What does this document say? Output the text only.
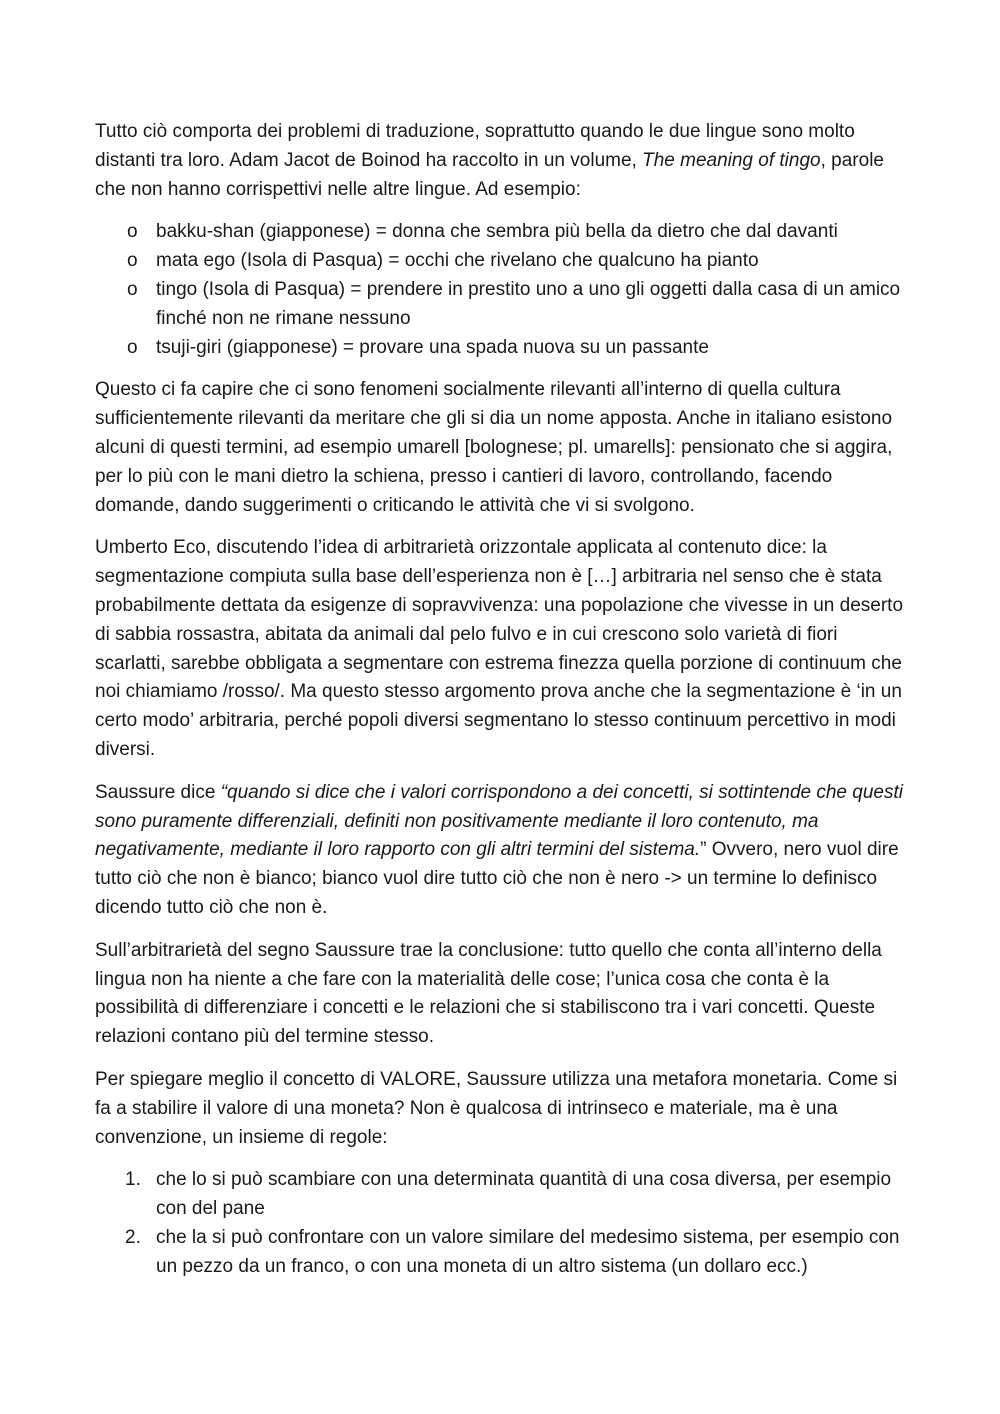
Tutto ciò comporta dei problemi di traduzione, soprattutto quando le due lingue sono molto distanti tra loro. Adam Jacot de Boinod ha raccolto in un volume, The meaning of tingo, parole che non hanno corrispettivi nelle altre lingue. Ad esempio:

o bakku-shan (giapponese) = donna che sembra più bella da dietro che dal davanti
o mata ego (Isola di Pasqua) = occhi che rivelano che qualcuno ha pianto
o tingo (Isola di Pasqua) = prendere in prestito uno a uno gli oggetti dalla casa di un amico finché non ne rimane nessuno
o tsuji-giri (giapponese) = provare una spada nuova su un passante

Questo ci fa capire che ci sono fenomeni socialmente rilevanti all’interno di quella cultura sufficientemente rilevanti da meritare che gli si dia un nome apposta. Anche in italiano esistono alcuni di questi termini, ad esempio umarell [bolognese; pl. umarells]: pensionato che si aggira, per lo più con le mani dietro la schiena, presso i cantieri di lavoro, controllando, facendo domande, dando suggerimenti o criticando le attività che vi si svolgono.

Umberto Eco, discutendo l’idea di arbitrarietà orizzontale applicata al contenuto dice: la segmentazione compiuta sulla base dell’esperienza non è […] arbitraria nel senso che è stata probabilmente dettata da esigenze di sopravvivenza: una popolazione che vivesse in un deserto di sabbia rossastra, abitata da animali dal pelo fulvo e in cui crescono solo varietà di fiori scarlatti, sarebbe obbligata a segmentare con estrema finezza quella porzione di continuum che noi chiamiamo /rosso/. Ma questo stesso argomento prova anche che la segmentazione è ‘in un certo modo’ arbitraria, perché popoli diversi segmentano lo stesso continuum percettivo in modi diversi.

Saussure dice “quando si dice che i valori corrispondono a dei concetti, si sottintende che questi sono puramente differenziali, definiti non positivamente mediante il loro contenuto, ma negativamente, mediante il loro rapporto con gli altri termini del sistema.” Ovvero, nero vuol dire tutto ciò che non è bianco; bianco vuol dire tutto ciò che non è nero -> un termine lo definisco dicendo tutto ciò che non è.

Sull’arbitrarietà del segno Saussure trae la conclusione: tutto quello che conta all’interno della lingua non ha niente a che fare con la materialità delle cose; l’unica cosa che conta è la possibilità di differenziare i concetti e le relazioni che si stabiliscono tra i vari concetti. Queste relazioni contano più del termine stesso.

Per spiegare meglio il concetto di VALORE, Saussure utilizza una metafora monetaria. Come si fa a stabilire il valore di una moneta? Non è qualcosa di intrinseco e materiale, ma è una convenzione, un insieme di regole:

1. che lo si può scambiare con una determinata quantità di una cosa diversa, per esempio con del pane
2. che la si può confrontare con un valore similare del medesimo sistema, per esempio con un pezzo da un franco, o con una moneta di un altro sistema (un dollaro ecc.)
